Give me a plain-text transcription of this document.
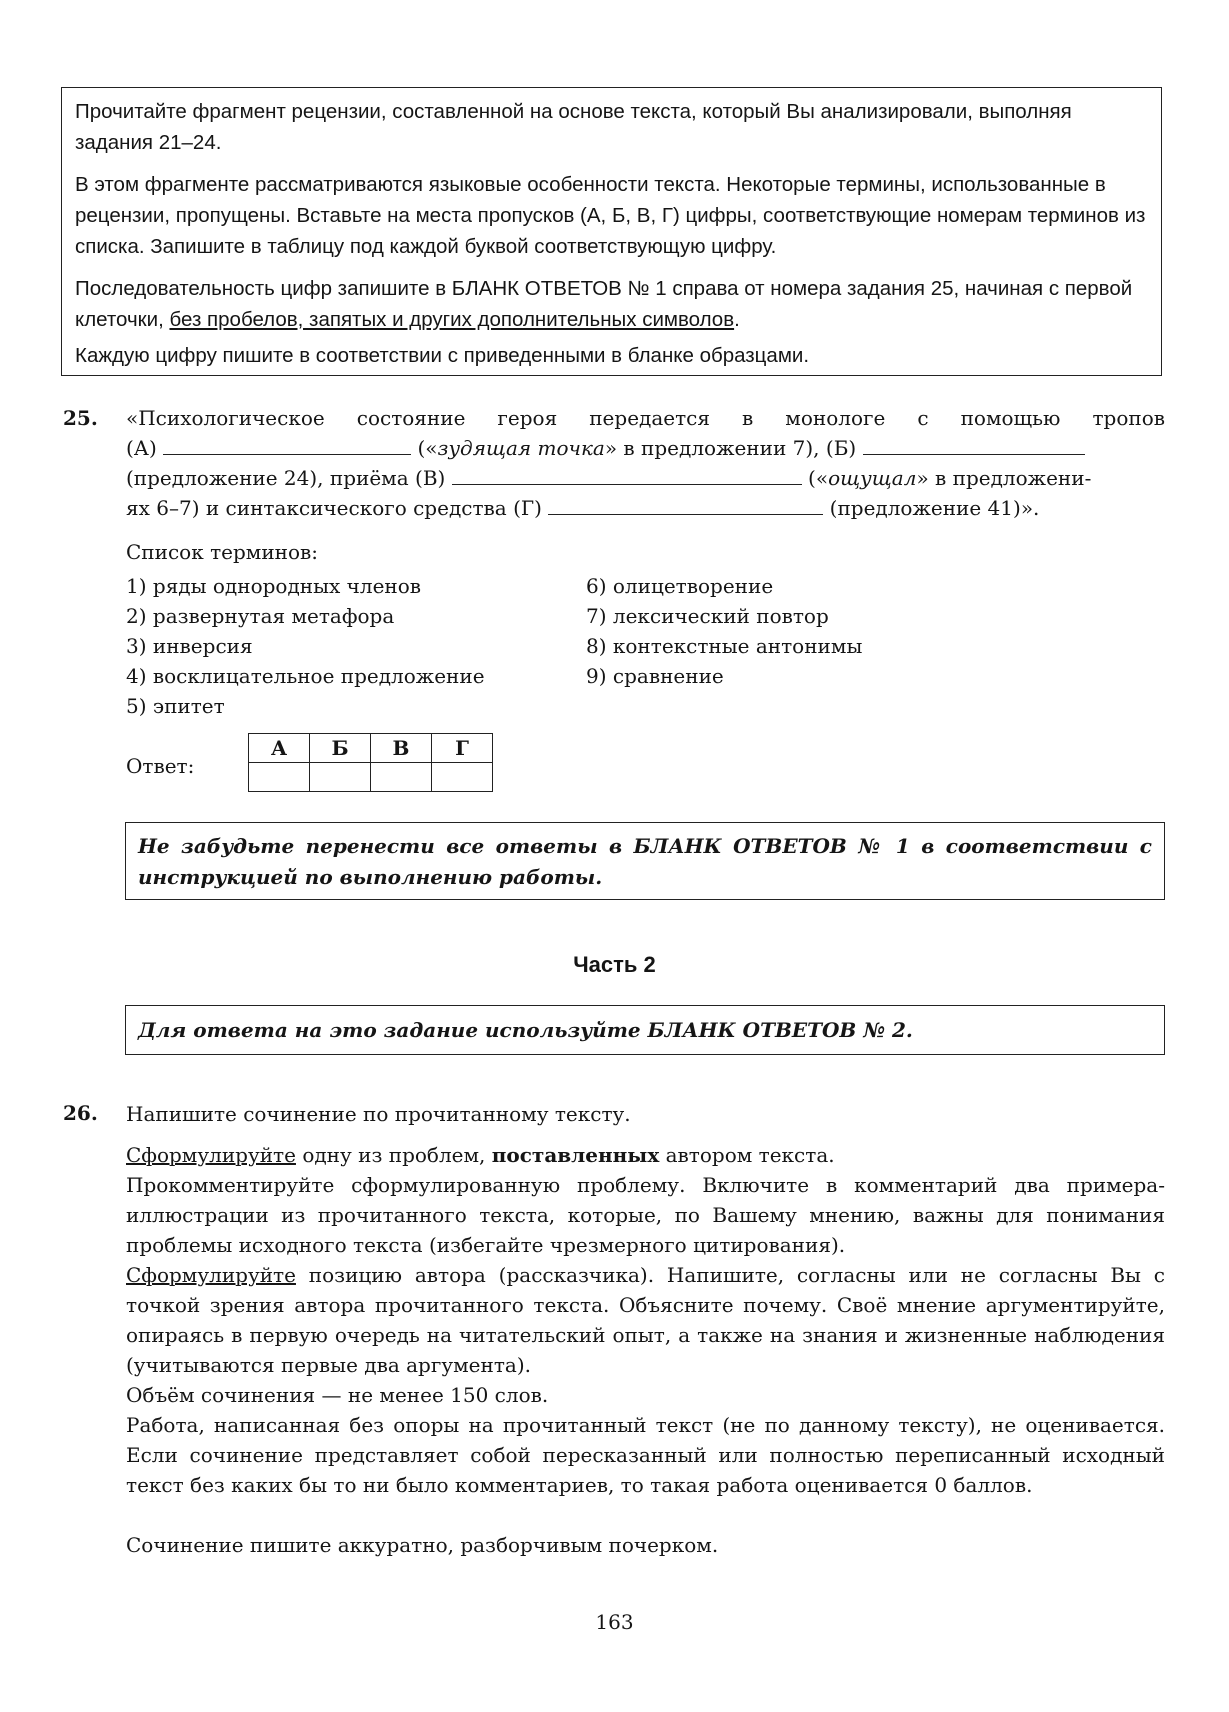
Прочитайте фрагмент рецензии, составленной на основе текста, который Вы анализировали, выполняя задания 21–24.

В этом фрагменте рассматриваются языковые особенности текста. Некоторые термины, использованные в рецензии, пропущены. Вставьте на места пропусков (А, Б, В, Г) цифры, соответствующие номерам терминов из списка. Запишите в таблицу под каждой буквой соответствующую цифру.

Последовательность цифр запишите в БЛАНК ОТВЕТОВ № 1 справа от номера задания 25, начиная с первой клеточки, без пробелов, запятых и других дополнительных символов.

Каждую цифру пишите в соответствии с приведенными в бланке образцами.

25. «Психологическое состояние героя передается в монологе с помощью тропов
(А)	(«зудящая точка» в предложении 7), (Б)
(предложение 24), приёма (В)	(«ощущал» в предложени-
ях 6–7) и синтаксического средства (Г)	(предложение 41)».
Список терминов:
1) ряды однородных членов
2) развернутая метафора
3) инверсия
4) восклицательное предложение
5) эпитет
6) олицетворение
7) лексический повтор
8) контекстные антонимы
9) сравнение
Ответ:
А	Б	В	Г

Не забудьте перенести все ответы в БЛАНК ОТВЕТОВ № 1 в соответствии с инструкцией по выполнению работы.
Часть 2
Для ответа на это задание используйте БЛАНК ОТВЕТОВ № 2.
26. Напишите сочинение по прочитанному тексту.

Сформулируйте одну из проблем, поставленных автором текста.

Прокомментируйте сформулированную проблему. Включите в комментарий два примера-иллюстрации из прочитанного текста, которые, по Вашему мнению, важны для понимания проблемы исходного текста (избегайте чрезмерного цитирования).

Сформулируйте позицию автора (рассказчика). Напишите, согласны или не согласны Вы с точкой зрения автора прочитанного текста. Объясните почему. Своё мнение аргументируйте, опираясь в первую очередь на читательский опыт, а также на знания и жизненные наблюдения (учитываются первые два аргумента).

Объём сочинения — не менее 150 слов.

Работа, написанная без опоры на прочитанный текст (не по данному тексту), не оценивается. Если сочинение представляет собой пересказанный или полностью переписанный исходный текст без каких бы то ни было комментариев, то такая работа оценивается 0 баллов.

Сочинение пишите аккуратно, разборчивым почерком.

163
